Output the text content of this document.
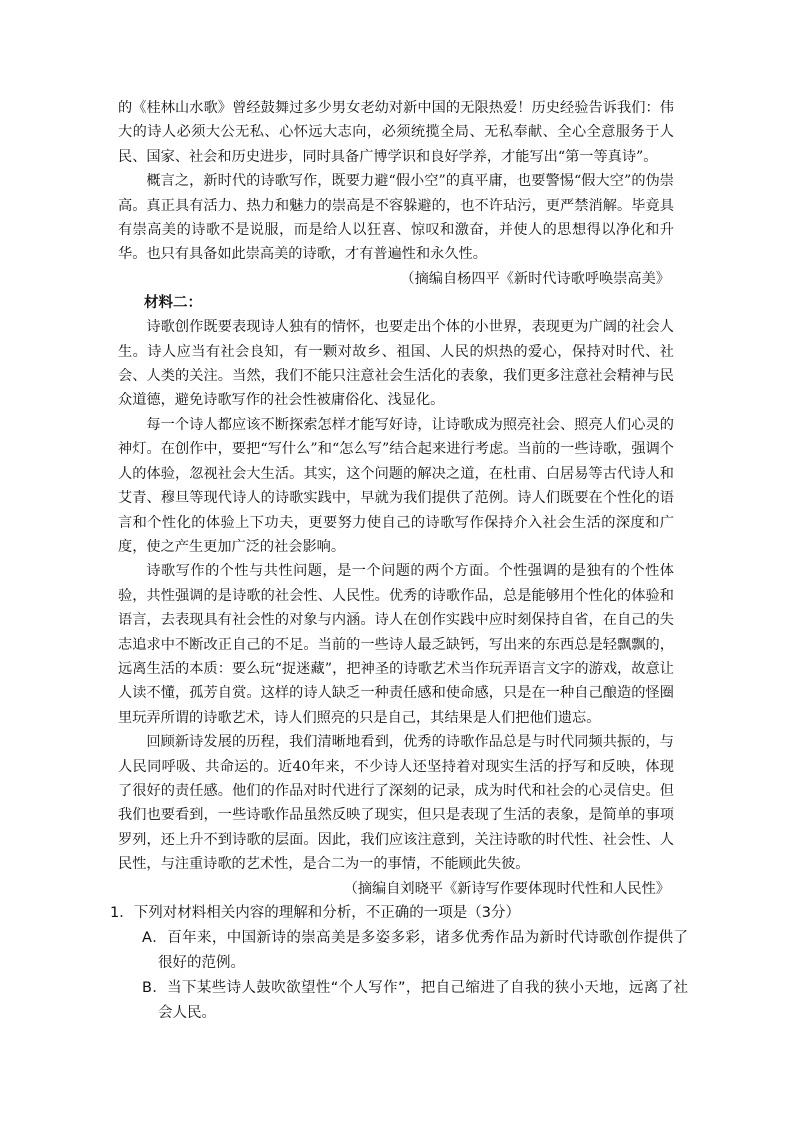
的《桂林山水歌》曾经鼓舞过多少男女老幼对新中国的无限热爱！历史经验告诉我们：伟大的诗人必须大公无私、心怀远大志向，必须统揽全局、无私奉献、全心全意服务于人民、国家、社会和历史进步，同时具备广博学识和良好学养，才能写出“第一等真诗”。

概言之，新时代的诗歌写作，既要力避“假小空”的真平庸，也要警惕“假大空”的伪崇高。真正具有活力、热力和魅力的崇高是不容躲避的，也不许玷污，更严禁消解。毕竟具有崇高美的诗歌不是说服，而是给人以狂喜、惊叹和激奋，并使人的思想得以净化和升华。也只有具备如此崇高美的诗歌，才有普遍性和永久性。

（摘编自杨四平《新时代诗歌呼唤崇高美》

材料二：

诗歌创作既要表现诗人独有的情怀，也要走出个体的小世界，表现更为广阔的社会人生。诗人应当有社会良知，有一颗对故乡、祖国、人民的炽热的爱心，保持对时代、社会、人类的关注。当然，我们不能只注意社会生活化的表象，我们更多注意社会精神与民众道德，避免诗歌写作的社会性被庸俗化、浅显化。

每一个诗人都应该不断探索怎样才能写好诗，让诗歌成为照亮社会、照亮人们心灵的神灯。在创作中，要把“写什么”和“怎么写”结合起来进行考虑。当前的一些诗歌，强调个人的体验，忽视社会大生活。其实，这个问题的解决之道，在杜甫、白居易等古代诗人和艾青、穆旦等现代诗人的诗歌实践中，早就为我们提供了范例。诗人们既要在个性化的语言和个性化的体验上下功夫，更要努力使自己的诗歌写作保持介入社会生活的深度和广度，使之产生更加广泛的社会影响。

诗歌写作的个性与共性问题，是一个问题的两个方面。个性强调的是独有的个性体验，共性强调的是诗歌的社会性、人民性。优秀的诗歌作品，总是能够用个性化的体验和语言，去表现具有社会性的对象与内涵。诗人在创作实践中应时刻保持自省，在自己的失志追求中不断改正自己的不足。当前的一些诗人最乏缺钙，写出来的东西总是轻飘飘的，远离生活的本质：要么玩“捉迷藏”，把神圣的诗歌艺术当作玩弄语言文字的游戏，故意让人读不懂，孤芳自赏。这样的诗人缺乏一种责任感和使命感，只是在一种自己酿造的怪圈里玩弄所谓的诗歌艺术，诗人们照亮的只是自己，其结果是人们把他们遗忘。

回顾新诗发展的历程，我们清晰地看到，优秀的诗歌作品总是与时代同频共振的，与人民同呼吸、共命运的。近40年来，不少诗人还坚持着对现实生活的抒写和反映，体现了很好的责任感。他们的作品对时代进行了深刻的记录，成为时代和社会的心灵信史。但我们也要看到，一些诗歌作品虽然反映了现实，但只是表现了生活的表象，是简单的事项罗列，还上升不到诗歌的层面。因此，我们应该注意到，关注诗歌的时代性、社会性、人民性，与注重诗歌的艺术性，是合二为一的事情，不能顾此失彼。

（摘编自刘晓平《新诗写作要体现时代性和人民性》

1．下列对材料相关内容的理解和分析，不正确的一项是（3分）

A．百年来，中国新诗的崇高美是多姿多彩，诸多优秀作品为新时代诗歌创作提供了很好的范例。

B．当下某些诗人鼓吹欲望性“个人写作”，把自己缩进了自我的狭小天地，远离了社会人民。
